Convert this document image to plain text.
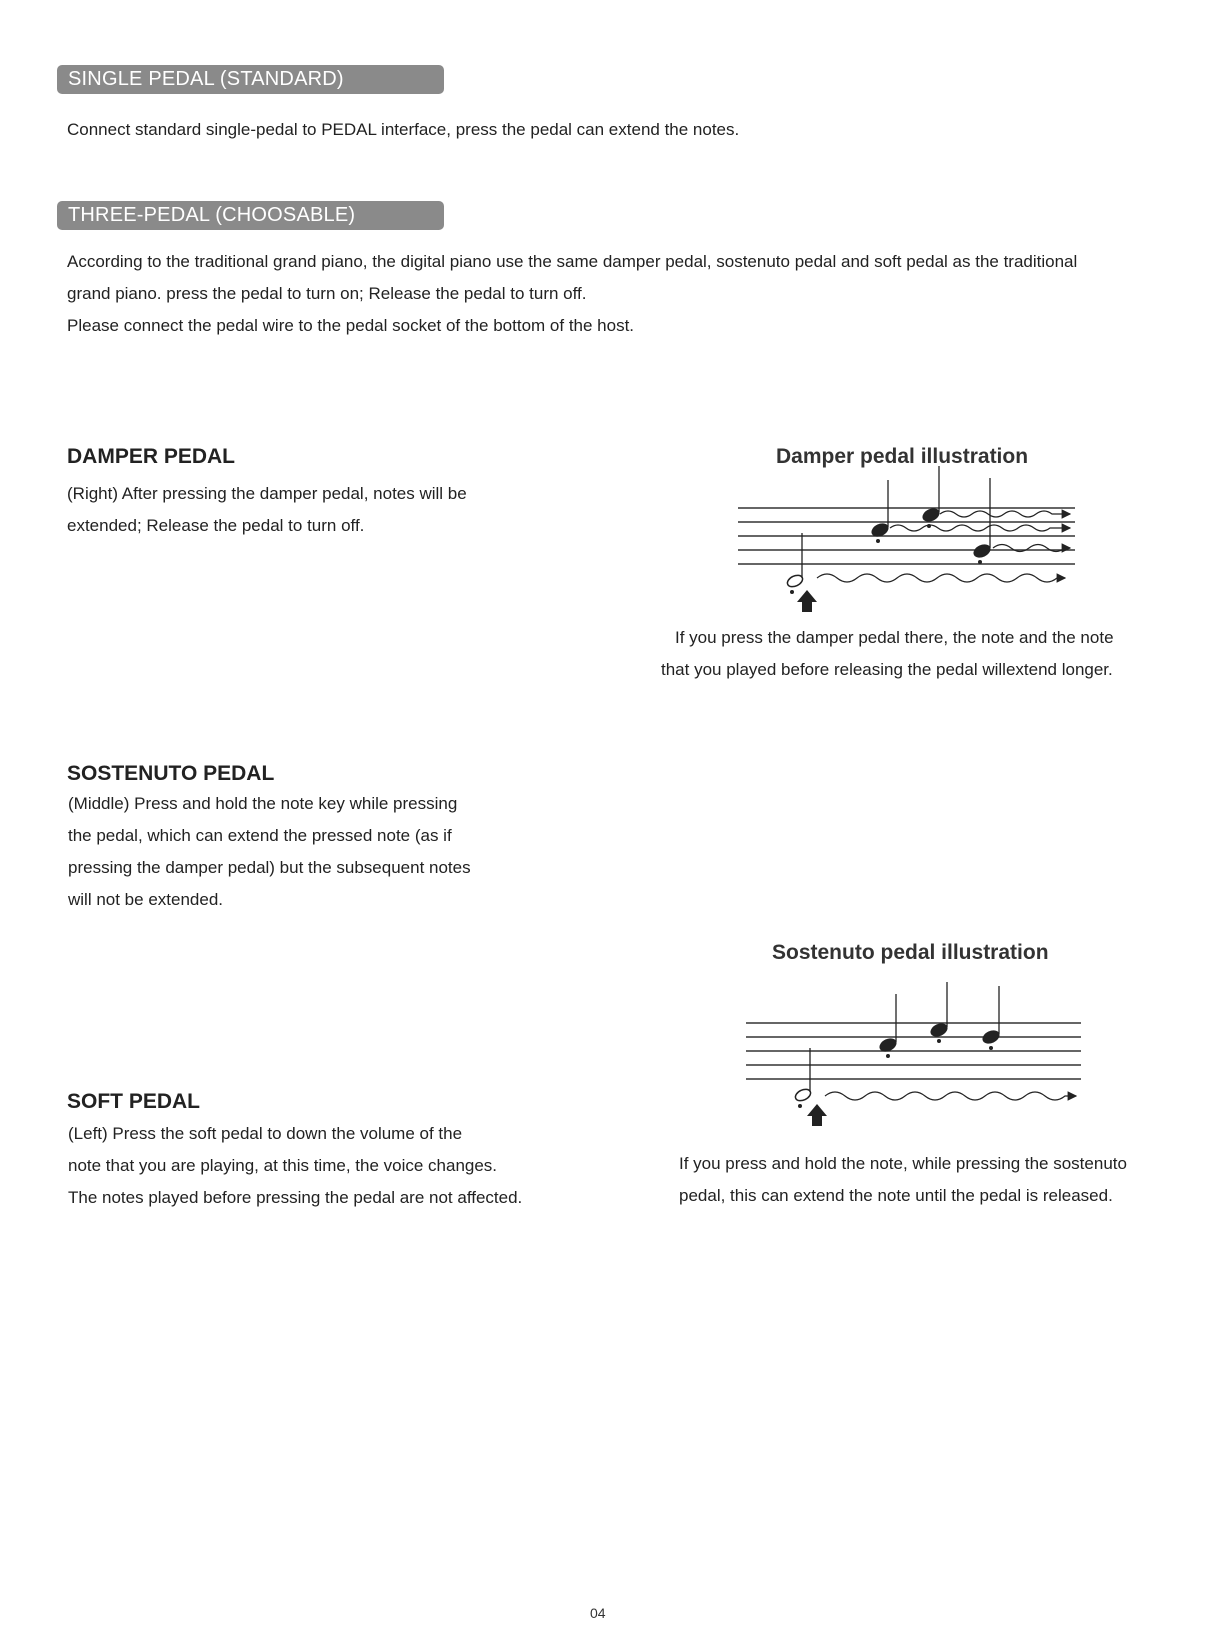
SINGLE PEDAL (STANDARD)

Connect standard single-pedal to PEDAL interface, press the pedal can extend the notes.

THREE-PEDAL (CHOOSABLE)

According to the traditional grand piano, the digital piano use the same damper pedal, sostenuto pedal and soft pedal as the traditional

grand piano. press the pedal to turn on; Release the pedal to turn off.

Please connect the pedal wire to the pedal socket of the bottom of the host.

DAMPER PEDAL

(Right) After pressing the damper pedal, notes will be

extended; Release the pedal to turn off.

Damper pedal illustration

If you press the damper pedal there, the note and the note

that you played before releasing the pedal willextend longer.

SOSTENUTO PEDAL

(Middle) Press and hold the note key while pressing

the pedal, which can extend the pressed note (as if

pressing the damper pedal) but the subsequent notes

will not be extended.

Sostenuto pedal illustration

If you press and hold the note, while pressing the sostenuto

pedal, this can extend the note until the pedal is released.

SOFT PEDAL

(Left) Press the soft pedal to down the volume of the

note that you are playing, at this time, the voice changes.

The notes played before pressing the pedal are not affected.

04
